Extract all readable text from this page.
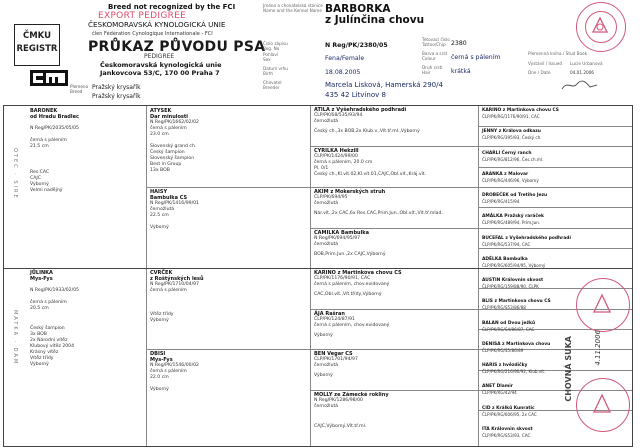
Breed not recognized by the FCI
EXPORT PEDIGREE
ČESKOMORAVSKÁ KYNOLOGICKÁ UNIE
člen Fédération Cynologique Internationale - FCI
PRŮKAZ PŮVODU PSA
PEDIGREE
Českomoravská kynologická unie
Jankovcova 53/C, 170 00 Praha 7
ČMKU
REGISTR
Plemeno
Breed
Pražský krysařík
Pražský krysařík
Jméno a chovatelská stanice
Name and the Kennel Name BARBORKA
z Julínčina chovu
Číslo zápisu
Reg. No	N Reg/PK/2380/05
Tetovací číslo
Tattoo/Chip 2380
Pohlaví
Sex	Fena/Female
Barva a srst
Colour	černá s pálením
Datum vrhu
Birth	18.08.2005
Druh srsti
Hair	krátká
Chovatel
Breeder	Marcela Lisková, Hamerská 290/4
435 42 Litvínov 8
Plemenná kniha / Stud Book
Vystavil / Issued Lucie Urbanová
Dne / Date	04.01.2006
OTEC · SIRE
MATKA · DAM
BARONEK
od Hradu Bradlec
N Reg/PK/2035/05/05
černá s pálením
21.5 cm
Res.CAC
CAJC
Výborný
Velmi nadějný
JŮLINKA
Mys-Fys
N Reg/PK/1933/02/05
černá s pálením
20.5 cm
Český šampion
3x BOB
2x Národní vítěz
Klubový vítěz 2004
Krásný vítěz
Vítěz třídy
Výborný
ATYSEK
Dar minulosti
N Reg/PK/1662/02/02
černá s pálením
23.0 cm
Slovenský grand ch.
Český šampion
Slovenský šampion
Best in Group
13x BOB
HAISY
Bambulka CS
N Reg/PK/1416/99/01
černožlutá
22.5 cm
Výborný
CVRČEK
z Roštýnských lesů
N Reg/PK/1710/04/97
černá s pálením
Vítěz třídy
Výborný
DBISI
Mys-Fys
N Reg/PK/1546/00/02
černá s pálením
22.0 cm
Výborný
ATILA z Vyšehradského podhradí
ČLP/PK/68/535/93/94
černožlutá
Český ch.,3x BOB,2x Klub.v.,Vít.tř.ml.,Výborný
CYRILKA Hekzill
ČLP/PK/1424/99/00
černá s pálením, 20.0 cm
Pl. 0/1
Český ch.,Kl.vít.02,Kl.vít.01,CAJC,Obl.vít.,Kráj.vít.
AKIM z Mokerských struh
ČLP/PK/694/95
černožlutá
Nár.vít.,2x CAC,6x Res.CAC,Prim.Jun.,Obl.vít.,Vít.tř.mlad.
CAMILKA Bambulka
N Reg/PK/694/95/97
černožlutá
BOB,Prim.Jun.,2x CAJC,Výborný
KARINO z Martinkova chovu CS
ČLP/PK/1176/90/91, CAC
černá s pálením, chov.evidovaný
CAC,Obl.vít.,Vít.třídy,Výborný
ÁJA Rašran
ČLP/PK/124/87/91
černá s pálením, chov.evidovaný
Výborný
BEN Vegar CS
ČLP/PK/1701/94/97
černožlutá
Výborný
MOLLY ze Zámecké rokliny
N Reg/PK/1286/98/00
černožlutá
CAJC,Výborný,Vít.tř.ml.
KARINO z Martinkova chovu CS
ČLP/PK/RG/1176/90/91, CAC
JENNY z Králova odkazu
ČLP/PK/RG/395/93, Český ch.
CHARLI Černý ranch
ČLP/PK/RG/812/96, Čes.ch.ml.
ARANKA z Malovar
ČLP/PK/RG/446/96, Výborný
DROBEČEK od Tretiho Jezu
ČLP/PK/RG/415/94
AMÁLKA Pražský raráček
ČLP/PK/RG/489/94, Prim.Jun.
BUCEFAL z Vyšehradského podhradí
ČLP/PK/RG/537/94, CAC
ADÉLKA Bambulka
ČLP/PK/RG/605/94/95, Výborný
AUSTIN Královnin skvost
ČLP/PK/RG/159/88/90, ČLPK
BLIS z Martinkova chovu CS
ČLP/PK/RG/S53/86/88
BALAN od Dvou ježků
ČLP/PK/RG/S4/86/87, CAC
DENISA z Martinkova chovu
ČLP/PK/RG/S5/86/89
HARIS z hvězdičky
ČLP/PK/RG/216/90/92, Klub.vít.
ANET Dlamir
ČLP/PK/RG/42/94
CID z Králků Kunratic
ČLP/PK/RG/606/95, 2x CAC
ITA Královnin skvost
ČLP/PK/RG/S53/93, CAC
CHOVNÁ SUKA	4.11.2006
